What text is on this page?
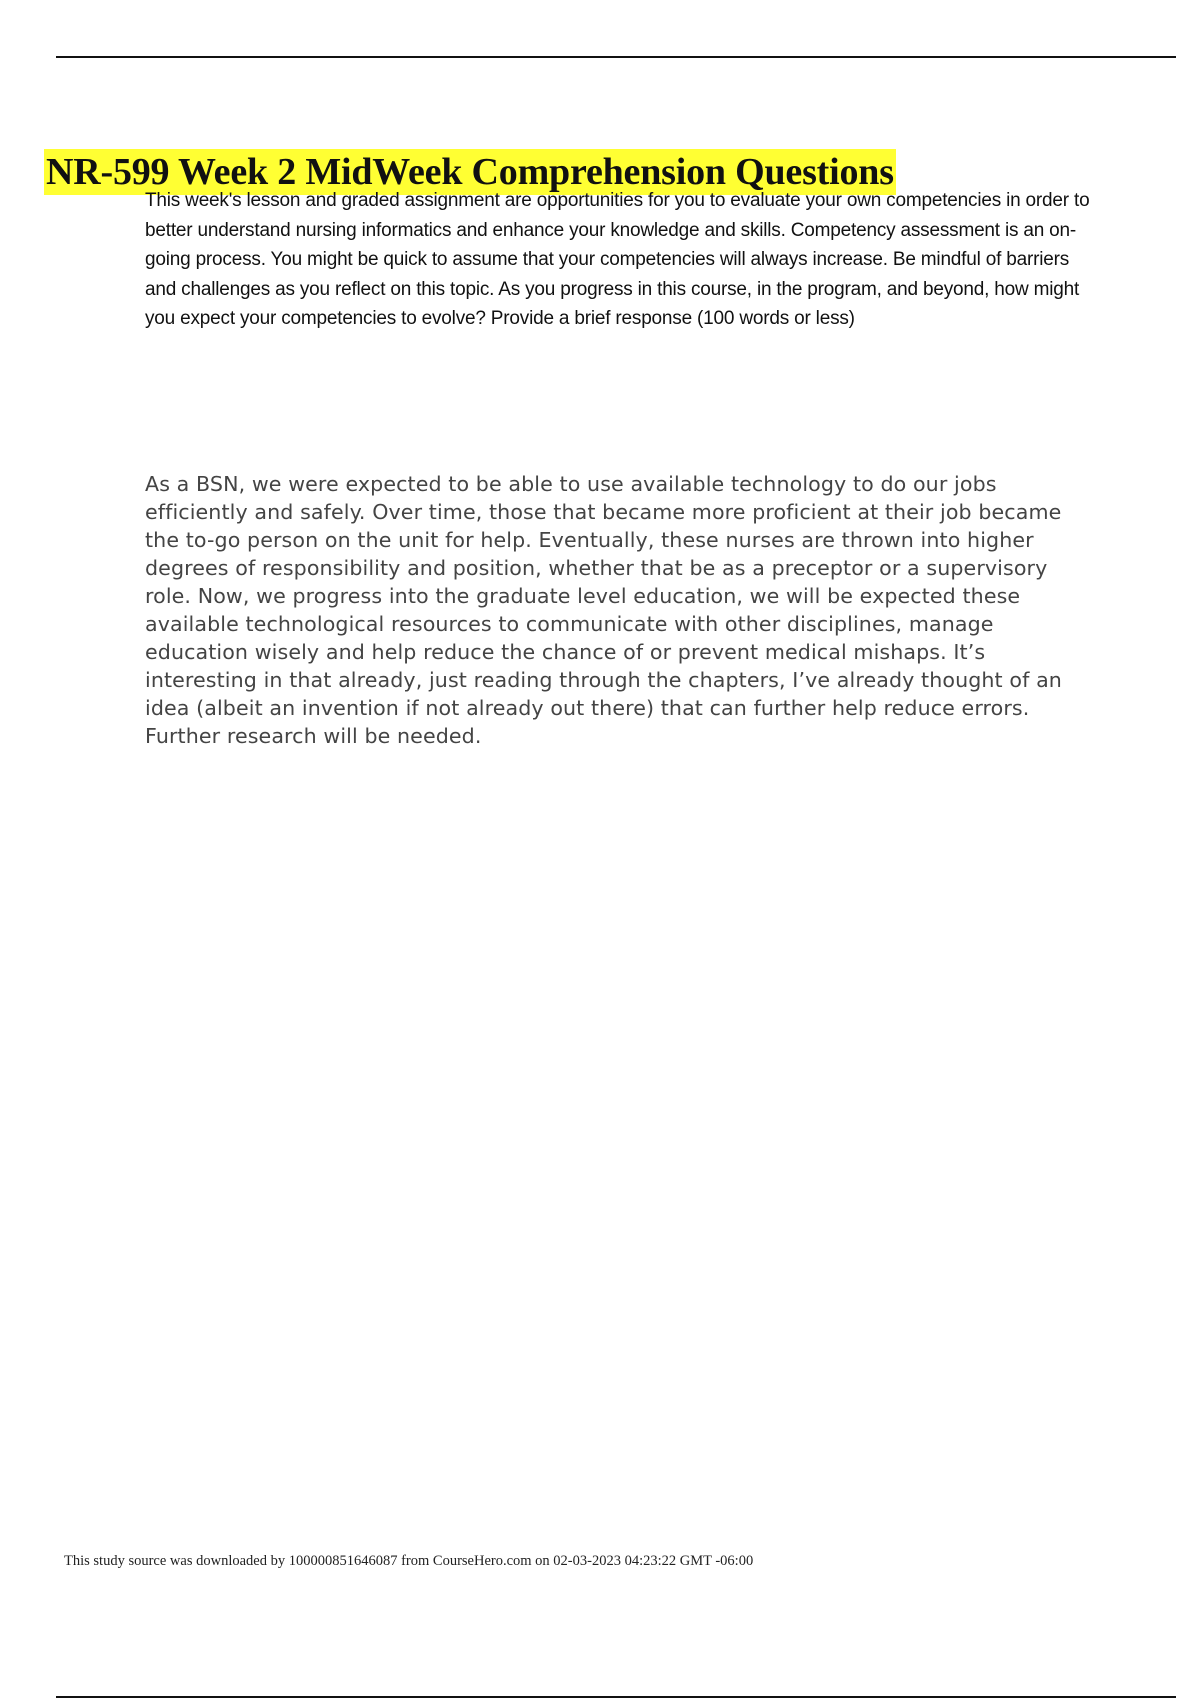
NR-599 Week 2 MidWeek Comprehension Questions

This week's lesson and graded assignment are opportunities for you to evaluate your own competencies in order to better understand nursing informatics and enhance your knowledge and skills. Competency assessment is an on-going process. You might be quick to assume that your competencies will always increase. Be mindful of barriers and challenges as you reflect on this topic. As you progress in this course, in the program, and beyond, how might you expect your competencies to evolve? Provide a brief response (100 words or less)

As a BSN, we were expected to be able to use available technology to do our jobs efficiently and safely. Over time, those that became more proficient at their job became the to-go person on the unit for help. Eventually, these nurses are thrown into higher degrees of responsibility and position, whether that be as a preceptor or a supervisory role. Now, we progress into the graduate level education, we will be expected these available technological resources to communicate with other disciplines, manage education wisely and help reduce the chance of or prevent medical mishaps. It’s interesting in that already, just reading through the chapters, I’ve already thought of an idea (albeit an invention if not already out there) that can further help reduce errors. Further research will be needed.

This study source was downloaded by 100000851646087 from CourseHero.com on 02-03-2023 04:23:22 GMT -06:00
